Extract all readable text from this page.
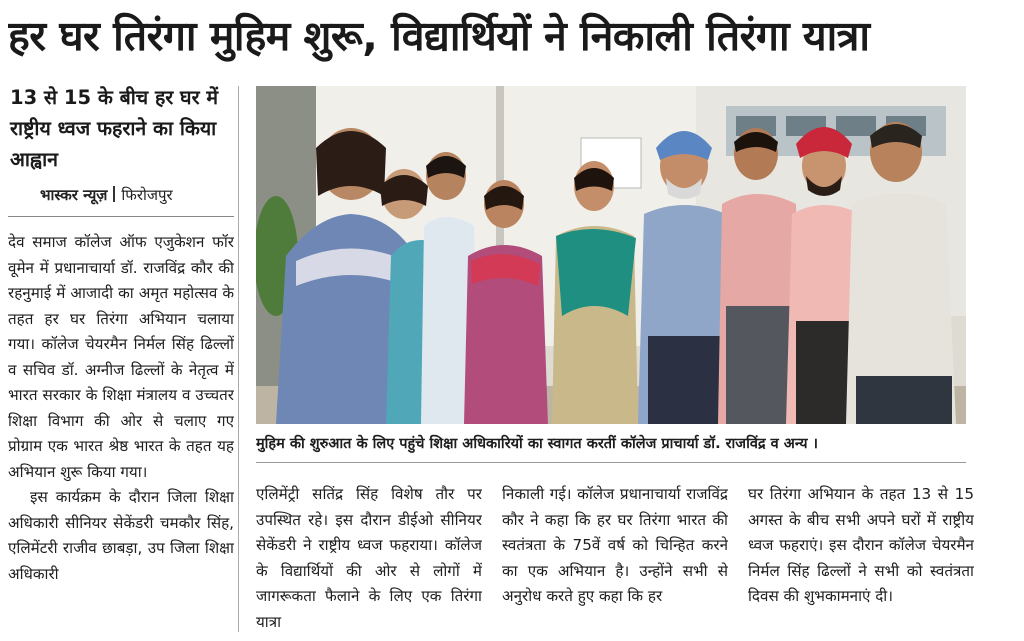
हर घर तिरंगा मुहिम शुरू, विद्यार्थियों ने निकाली तिरंगा यात्रा
13 से 15 के बीच हर घर में राष्ट्रीय ध्वज फहराने का किया आह्वान
भास्कर न्यूज़ फिरोजपुर

देव समाज कॉलेज ऑफ एजुकेशन फॉर वूमेन में प्रधानाचार्या डॉ. राजविंद्र कौर की रहनुमाई में आजादी का अमृत महोत्सव के तहत हर घर तिरंगा अभियान चलाया गया। कॉलेज चेयरमैन निर्मल सिंह ढिल्लों व सचिव डॉ. अग्नीज ढिल्लों के नेतृत्व में भारत सरकार के शिक्षा मंत्रालय व उच्चतर शिक्षा विभाग की ओर से चलाए गए प्रोग्राम एक भारत श्रेष्ठ भारत के तहत यह अभियान शुरू किया गया।

इस कार्यक्रम के दौरान जिला शिक्षा अधिकारी सीनियर सेकेंडरी चमकौर सिंह, एलिमेंटरी राजीव छाबड़ा, उप जिला शिक्षा अधिकारी

मुहिम की शुरुआत के लिए पहुंचे शिक्षा अधिकारियों का स्वागत करतीं कॉलेज प्राचार्या डॉ. राजविंद्र व अन्य ।

एलिमेंट्री सतिंद्र सिंह विशेष तौर पर उपस्थित रहे। इस दौरान डीईओ सीनियर सेकेंडरी ने राष्ट्रीय ध्वज फहराया। कॉलेज के विद्यार्थियों की ओर से लोगों में जागरूकता फैलाने के लिए एक तिरंगा यात्रा

निकाली गई। कॉलेज प्रधानाचार्या राजविंद्र कौर ने कहा कि हर घर तिरंगा भारत की स्वतंत्रता के 75वें वर्ष को चिन्हित करने का एक अभियान है। उन्होंने सभी से अनुरोध करते हुए कहा कि हर

घर तिरंगा अभियान के तहत 13 से 15 अगस्त के बीच सभी अपने घरों में राष्ट्रीय ध्वज फहराएं। इस दौरान कॉलेज चेयरमैन निर्मल सिंह ढिल्लों ने सभी को स्वतंत्रता दिवस की शुभकामनाएं दी।
